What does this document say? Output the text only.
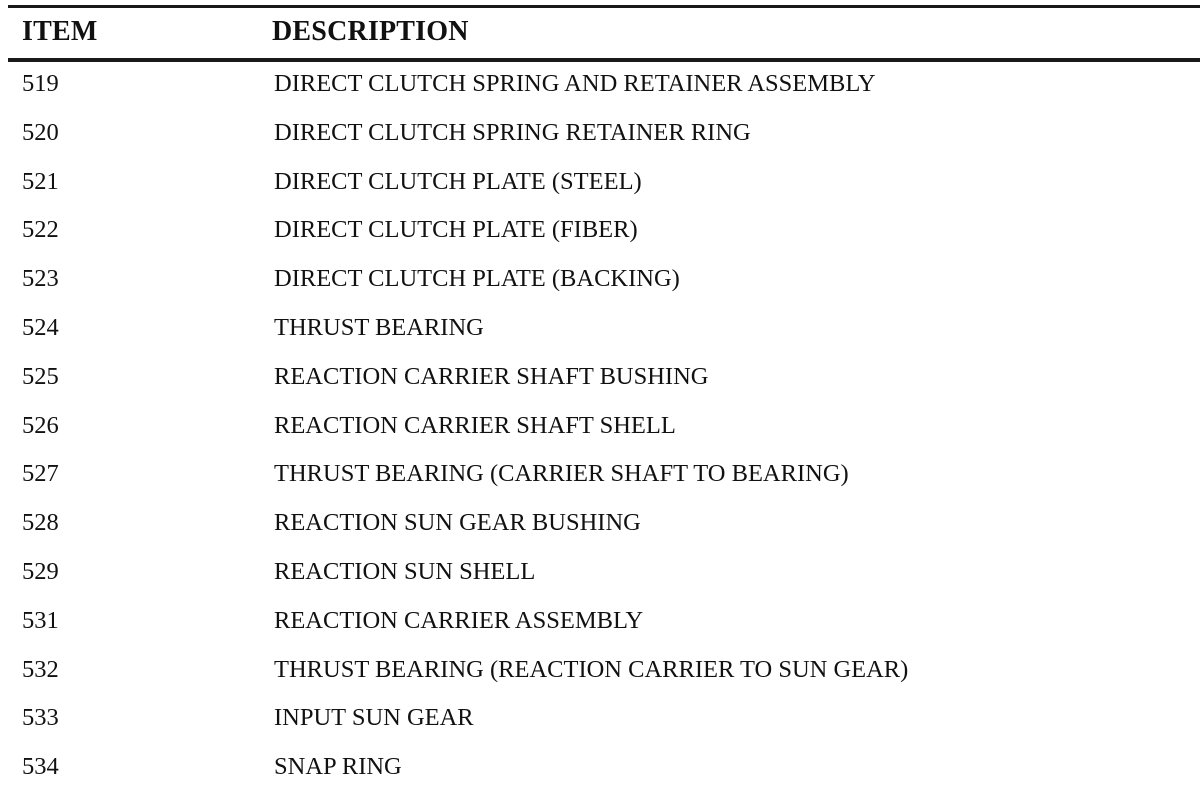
ITEM	DESCRIPTION
519	DIRECT CLUTCH SPRING AND RETAINER ASSEMBLY
520	DIRECT CLUTCH SPRING RETAINER RING
521	DIRECT CLUTCH PLATE (STEEL)
522	DIRECT CLUTCH PLATE (FIBER)
523	DIRECT CLUTCH PLATE (BACKING)
524	THRUST BEARING
525	REACTION CARRIER SHAFT BUSHING
526	REACTION CARRIER SHAFT SHELL
527	THRUST BEARING (CARRIER SHAFT TO BEARING)
528	REACTION SUN GEAR BUSHING
529	REACTION SUN SHELL
531	REACTION CARRIER ASSEMBLY
532	THRUST BEARING (REACTION CARRIER TO SUN GEAR)
533	INPUT SUN GEAR
534	SNAP RING
